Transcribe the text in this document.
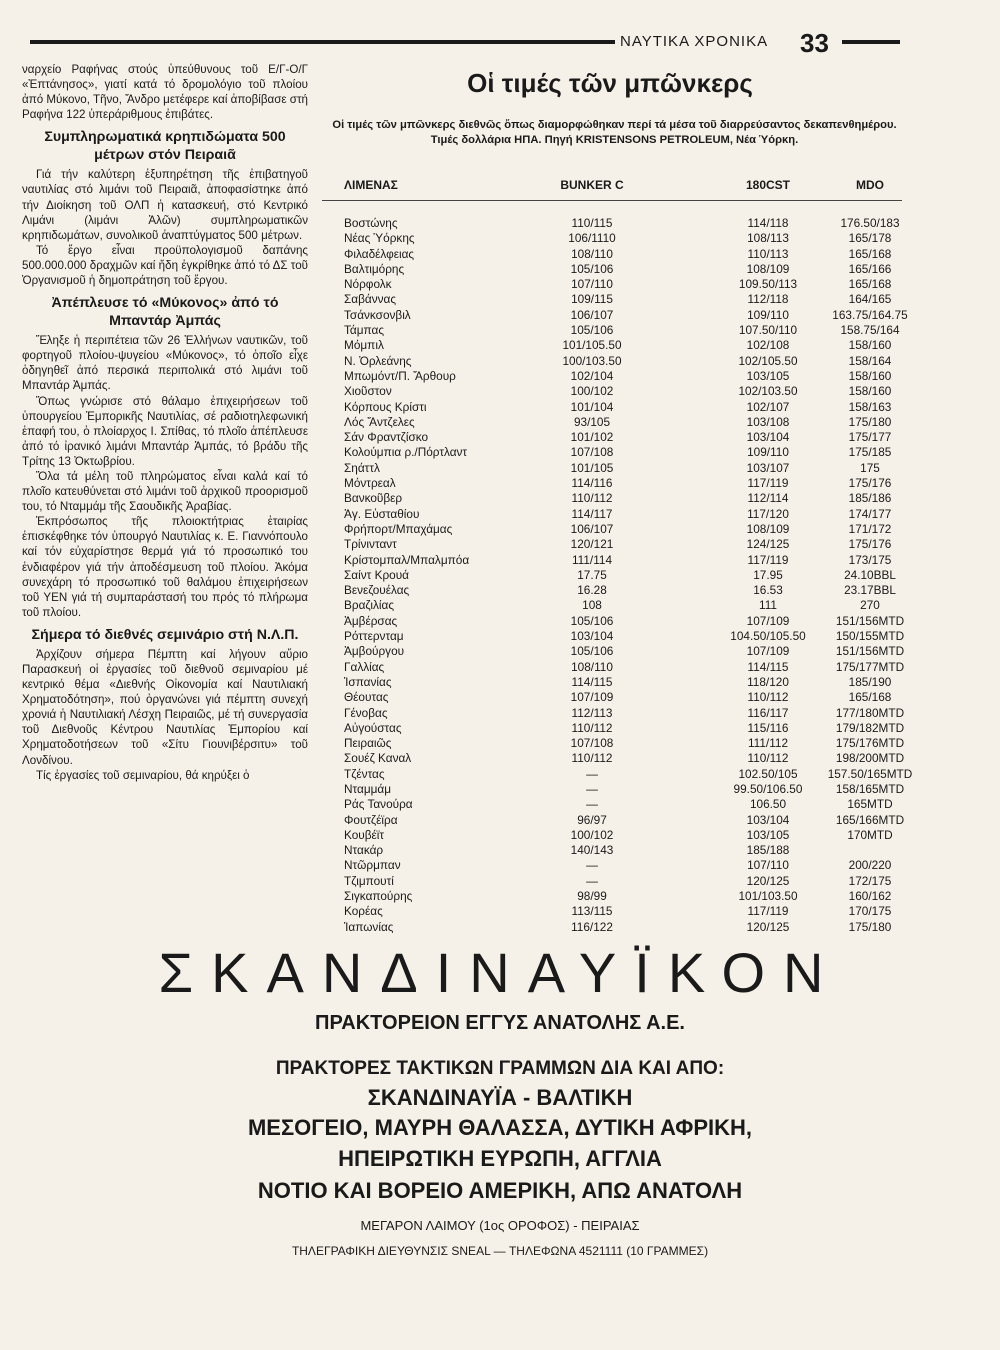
ΝΑΥΤΙΚΑ ΧΡΟΝΙΚΑ 33

ναρχείο Ραφήνας στούς ὑπεύθυνους τοῦ Ε/Γ-Ο/Γ «Ἐπτάνησος», γιατί κατά τό δρομολόγιο τοῦ πλοίου ἀπό Μύκονο, Τῆνο, Ἄνδρο μετέφερε καί ἀποβίβασε στή Ραφήνα 122 ὑπεράριθμους ἐπιβάτες.

Συμπληρωματικά κρηπιδώματα 500 μέτρων στόν Πειραιᾶ

Γιά τήν καλύτερη ἐξυπηρέτηση τῆς ἐπιβατηγοῦ ναυτιλίας στό λιμάνι τοῦ Πειραιᾶ, ἀποφασίστηκε ἀπό τήν Διοίκηση τοῦ ΟΛΠ ἡ κατασκευή, στό Κεντρικό Λιμάνι (λιμάνι Ἀλῶν) συμπληρωματικῶν κρηπιδωμάτων, συνολικοῦ ἀναπτύγματος 500 μέτρων.

Τό ἔργο εἶναι προϋπολογισμοῦ δαπάνης 500.000.000 δραχμῶν καί ἤδη ἐγκρίθηκε ἀπό τό ΔΣ τοῦ Ὀργανισμοῦ ἡ δημοπράτηση τοῦ ἔργου.

Ἀπέπλευσε τό «Μύκονος» ἀπό τό Μπαντάρ Ἀμπάς

Ἔληξε ἡ περιπέτεια τῶν 26 Ἑλλήνων ναυτικῶν, τοῦ φορτηγοῦ πλοίου-ψυγείου «Μύκονος», τό ὁποῖο εἶχε ὁδηγηθεῖ ἀπό περσικά περιπολικά στό λιμάνι τοῦ Μπαντάρ Ἀμπάς.

Ὅπως γνώρισε στό θάλαμο ἐπιχειρήσεων τοῦ ὑπουργείου Ἐμπορικῆς Ναυτιλίας, σέ ραδιοτηλεφωνική ἐπαφή του, ὁ πλοίαρχος Ι. Σπίθας, τό πλοῖο ἀπέπλευσε ἀπό τό ἰρανικό λιμάνι Μπαντάρ Ἀμπάς, τό βράδυ τῆς Τρίτης 13 Ὀκτωβρίου.

Ὅλα τά μέλη τοῦ πληρώματος εἶναι καλά καί τό πλοῖο κατευθύνεται στό λιμάνι τοῦ ἀρχικοῦ προορισμοῦ του, τό Νταμμάμ τῆς Σαουδικῆς Ἀραβίας.

Ἐκπρόσωπος τῆς πλοιοκτήτριας ἑταιρίας ἐπισκέφθηκε τόν ὑπουργό Ναυτιλίας κ. Ε. Γιαννόπουλο καί τόν εὐχαρίστησε θερμά γιά τό προσωπικό του ἐνδιαφέρον γιά τήν ἀποδέσμευση τοῦ πλοίου. Ἀκόμα συνεχάρη τό προσωπικό τοῦ θαλάμου ἐπιχειρήσεων τοῦ ΥΕΝ γιά τή συμπαράστασή του πρός τό πλήρωμα τοῦ πλοίου.

Σήμερα τό διεθνές σεμινάριο στή Ν.Λ.Π.

Ἀρχίζουν σήμερα Πέμπτη καί λήγουν αὔριο Παρασκευή οἱ ἐργασίες τοῦ διεθνοῦ σεμιναρίου μέ κεντρικό θέμα «Διεθνής Οἰκονομία καί Ναυτιλιακή Χρηματοδότηση», πού ὀργανώνει γιά πέμπτη συνεχή χρονιά ἡ Ναυτιλιακή Λέσχη Πειραιῶς, μέ τή συνεργασία τοῦ Διεθνοῦς Κέντρου Ναυτιλίας Ἐμπορίου καί Χρηματοδοτήσεων τοῦ «Σίτυ Γιουνιβέρσιτυ» τοῦ Λονδίνου.

Τίς ἐργασίες τοῦ σεμιναρίου, θά κηρύξει ὁ

Οἱ τιμές τῶν μπῶνκερς
Οἱ τιμές τῶν μπῶνκερς διεθνῶς ὅπως διαμορφώθηκαν περί τά μέσα τοῦ διαρρεύσαντος δεκαπενθημέρου. Τιμές δολλάρια ΗΠΑ. Πηγή KRISTENSONS PETROLEUM, Νέα Ὑόρκη.
ΛΙΜΕΝΑΣ	BUNKER C	180CST	MDO
Βοστώνης	110/115	114/118	176.50/183
Νέας Ὑόρκης	106/1110	108/113	165/178
Φιλαδέλφειας	108/110	110/113	165/168
Βαλτιμόρης	105/106	108/109	165/166
Νόρφολκ	107/110	109.50/113	165/168
Σαβάννας	109/115	112/118	164/165
Τσάνκσονβιλ	106/107	109/110	163.75/164.75
Τάμπας	105/106	107.50/110	158.75/164
Μόμπιλ	101/105.50	102/108	158/160
Ν. Ὀρλεάνης	100/103.50	102/105.50	158/164
Μπωμόντ/Π. Ἄρθουρ	102/104	103/105	158/160
Χιοῦστον	100/102	102/103.50	158/160
Κόρπους Κρίστι	101/104	102/107	158/163
Λός Ἄντζελες	93/105	103/108	175/180
Σάν Φραντζίσκο	101/102	103/104	175/177
Κολούμπια ρ./Πόρτλαντ	107/108	109/110	175/185
Σηάττλ	101/105	103/107	175
Μόντρεαλ	114/116	117/119	175/176
Βανκοῦβερ	110/112	112/114	185/186
Ἁγ. Εὐσταθίου	114/117	117/120	174/177
Φρήπορτ/Μπαχάμας	106/107	108/109	171/172
Τρίνινταντ	120/121	124/125	175/176
Κρίστομπαλ/Μπαλμπόα	111/114	117/119	173/175
Σαίντ Κρουά	17.75	17.95	24.10BBL
Βενεζουέλας	16.28	16.53	23.17BBL
Βραζιλίας	108	111	270
Ἀμβέρσας	105/106	107/109	151/156MTD
Ρόττερνταμ	103/104	104.50/105.50	150/155MTD
Ἀμβούργου	105/106	107/109	151/156MTD
Γαλλίας	108/110	114/115	175/177MTD
Ἰσπανίας	114/115	118/120	185/190
Θέουτας	107/109	110/112	165/168
Γένοβας	112/113	116/117	177/180MTD
Αὐγούστας	110/112	115/116	179/182MTD
Πειραιῶς	107/108	111/112	175/176MTD
Σουέζ Καναλ	110/112	110/112	198/200MTD
Τζέντας	—	102.50/105	157.50/165MTD
Νταμμάμ	—	99.50/106.50	158/165MTD
Ράς Τανούρα	—	106.50	165MTD
Φουτζέϊρα	96/97	103/104	165/166MTD
Κουβέϊτ	100/102	103/105	170MTD
Ντακάρ	140/143	185/188
Ντῶρμπαν	—	107/110	200/220
Τζιμπουτί	—	120/125	172/175
Σιγκαπούρης	98/99	101/103.50	160/162
Κορέας	113/115	117/119	170/175
Ἰαπωνίας	116/122	120/125	175/180
ΣΚΑΝΔΙΝΑΥΪΚΟΝ
ΠΡΑΚΤΟΡΕΙΟΝ ΕΓΓΥΣ ΑΝΑΤΟΛΗΣ Α.Ε.
ΠΡΑΚΤΟΡΕΣ ΤΑΚΤΙΚΩΝ ΓΡΑΜΜΩΝ ΔΙΑ ΚΑΙ ΑΠΟ:
ΣΚΑΝΔΙΝΑΥΪΑ - ΒΑΛΤΙΚΗ
ΜΕΣΟΓΕΙΟ, ΜΑΥΡΗ ΘΑΛΑΣΣΑ, ΔΥΤΙΚΗ ΑΦΡΙΚΗ,
ΗΠΕΙΡΩΤΙΚΗ ΕΥΡΩΠΗ, ΑΓΓΛΙΑ
ΝΟΤΙΟ ΚΑΙ ΒΟΡΕΙΟ ΑΜΕΡΙΚΗ, ΑΠΩ ΑΝΑΤΟΛΗ
ΜΕΓΑΡΟΝ ΛΑΙΜΟΥ (1ος ΟΡΟΦΟΣ) - ΠΕΙΡΑΙΑΣ
ΤΗΛΕΓΡΑΦΙΚΗ ΔΙΕΥΘΥΝΣΙΣ SNEAL — ΤΗΛΕΦΩΝΑ 4521111 (10 ΓΡΑΜΜΕΣ)
